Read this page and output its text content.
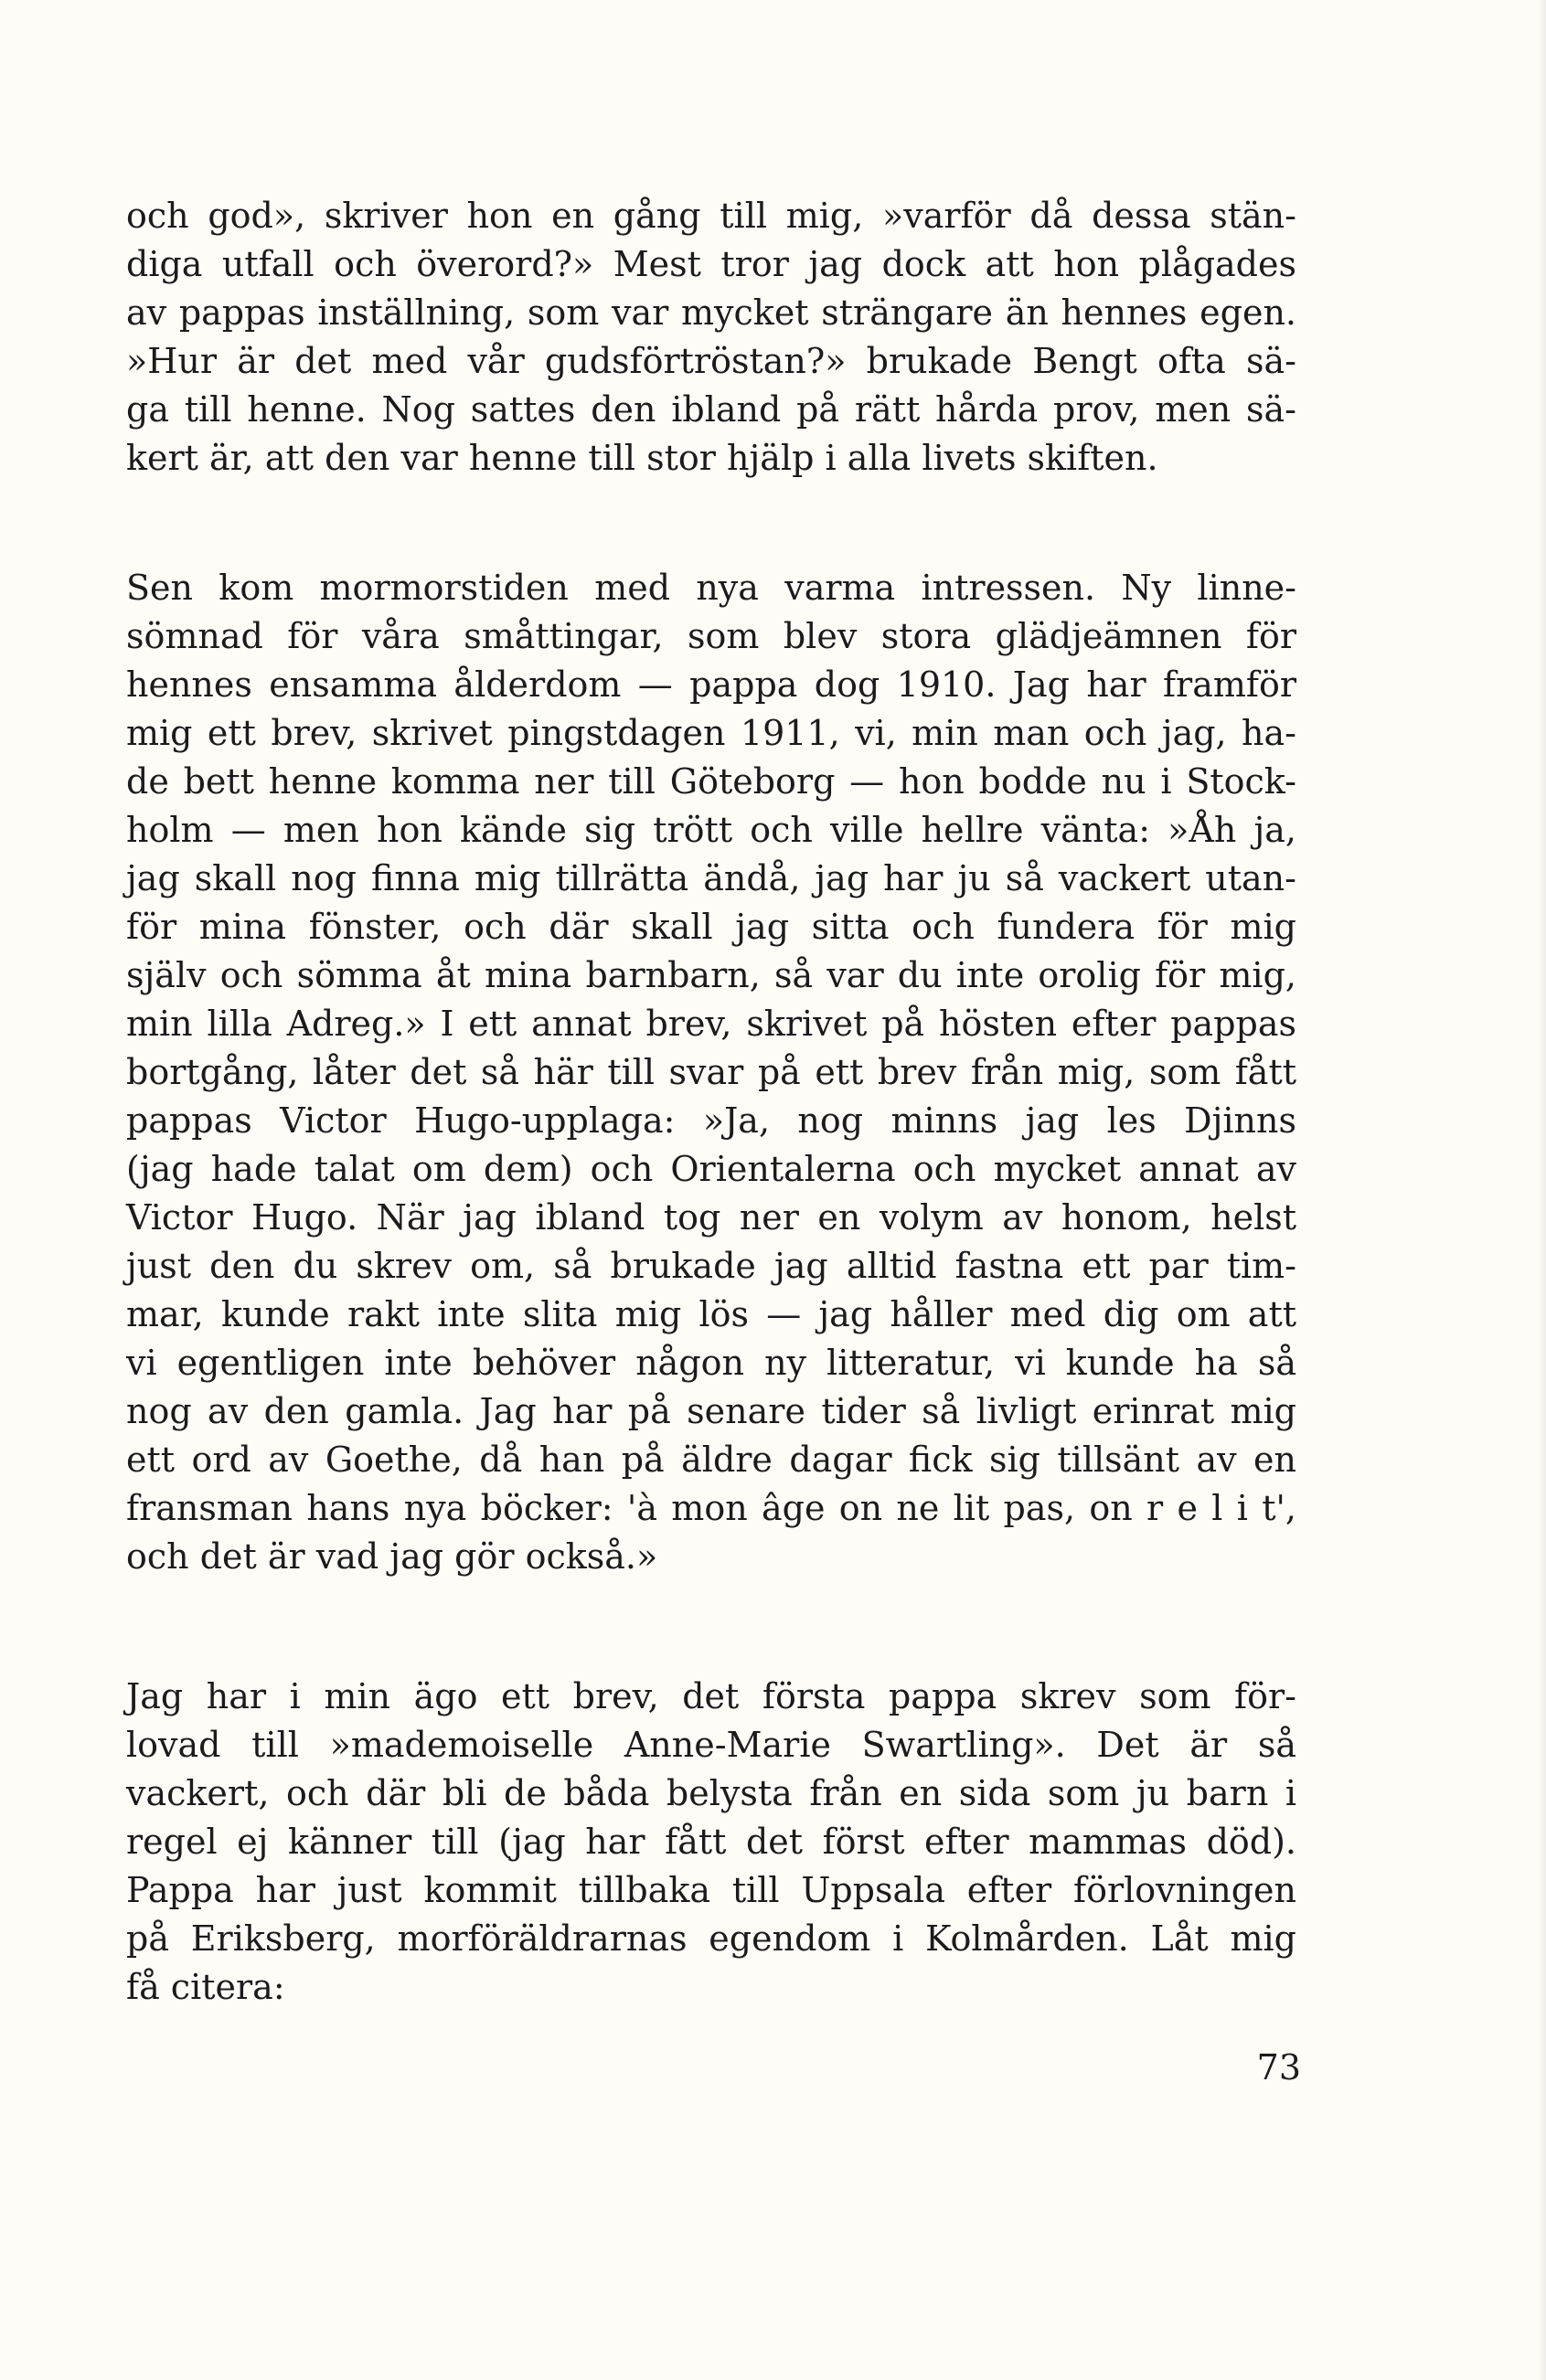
och god», skriver hon en gång till mig, »varför då dessa stän-
diga utfall och överord?» Mest tror jag dock att hon plågades
av pappas inställning, som var mycket strängare än hennes egen.
»Hur är det med vår gudsförtröstan?» brukade Bengt ofta sä-
ga till henne. Nog sattes den ibland på rätt hårda prov, men sä-
kert är, att den var henne till stor hjälp i alla livets skiften.
Sen kom mormorstiden med nya varma intressen. Ny linne-
sömnad för våra småttingar, som blev stora glädjeämnen för
hennes ensamma ålderdom — pappa dog 1910. Jag har framför
mig ett brev, skrivet pingstdagen 1911, vi, min man och jag, ha-
de bett henne komma ner till Göteborg — hon bodde nu i Stock-
holm — men hon kände sig trött och ville hellre vänta: »Åh ja,
jag skall nog finna mig tillrätta ändå, jag har ju så vackert utan-
för mina fönster, och där skall jag sitta och fundera för mig
själv och sömma åt mina barnbarn, så var du inte orolig för mig,
min lilla Adreg.» I ett annat brev, skrivet på hösten efter pappas
bortgång, låter det så här till svar på ett brev från mig, som fått
pappas Victor Hugo-upplaga: »Ja, nog minns jag les Djinns
(jag hade talat om dem) och Orientalerna och mycket annat av
Victor Hugo. När jag ibland tog ner en volym av honom, helst
just den du skrev om, så brukade jag alltid fastna ett par tim-
mar, kunde rakt inte slita mig lös — jag håller med dig om att
vi egentligen inte behöver någon ny litteratur, vi kunde ha så
nog av den gamla. Jag har på senare tider så livligt erinrat mig
ett ord av Goethe, då han på äldre dagar fick sig tillsänt av en
fransman hans nya böcker: 'à mon âge on ne lit pas, on r e l i t',
och det är vad jag gör också.»
Jag har i min ägo ett brev, det första pappa skrev som för-
lovad till »mademoiselle Anne-Marie Swartling». Det är så
vackert, och där bli de båda belysta från en sida som ju barn i
regel ej känner till (jag har fått det först efter mammas död).
Pappa har just kommit tillbaka till Uppsala efter förlovningen
på Eriksberg, morföräldrarnas egendom i Kolmården. Låt mig
få citera:

73
